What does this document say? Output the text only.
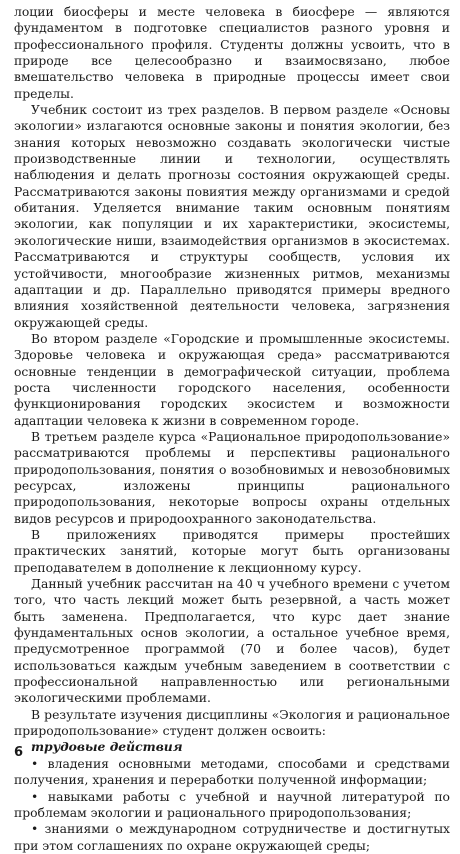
лоции биосферы и месте человека в биосфере — являются фундаментом в подготовке специалистов разного уровня и профессионального профиля. Студенты должны усвоить, что в природе все целесообразно и взаимосвязано, любое вмешательство человека в природные процессы имеет свои пределы.

Учебник состоит из трех разделов. В первом разделе «Основы экологии» излагаются основные законы и понятия экологии, без знания которых невозможно создавать экологически чистые производственные линии и технологии, осуществлять наблюдения и делать прогнозы состояния окружающей среды. Рассматриваются законы повиятия между организмами и средой обитания. Уделяется внимание таким основным понятиям экологии, как популяции и их характеристики, экосистемы, экологические ниши, взаимодействия организмов в экосистемах. Рассматриваются и структуры сообществ, условия их устойчивости, многообразие жизненных ритмов, механизмы адаптации и др. Параллельно приводятся примеры вредного влияния хозяйственной деятельности человека, загрязнения окружающей среды.

Во втором разделе «Городские и промышленные экосистемы. Здоровье человека и окружающая среда» рассматриваются основные тенденции в демографической ситуации, проблема роста численности городского населения, особенности функционирования городских экосистем и возможности адаптации человека к жизни в современном городе.

В третьем разделе курса «Рациональное природопользование» рассматриваются проблемы и перспективы рационального природопользования, понятия о возобновимых и невозобновимых ресурсах, изложены принципы рационального природопользования, некоторые вопросы охраны отдельных видов ресурсов и природоохранного законодательства.

В приложениях приводятся примеры простейших практических занятий, которые могут быть организованы преподавателем в дополнение к лекционному курсу.

Данный учебник рассчитан на 40 ч учебного времени с учетом того, что часть лекций может быть резервной, а часть может быть заменена. Предполагается, что курс дает знание фундаментальных основ экологии, а остальное учебное время, предусмотренное программой (70 и более часов), будет использоваться каждым учебным заведением в соответствии с профессиональной направленностью или региональными экологическими проблемами.

В результате изучения дисциплины «Экология и рациональное природопользование» студент должен освоить:

трудовые действия

• владения основными методами, способами и средствами получения, хранения и переработки полученной информации;

• навыками работы с учебной и научной литературой по проблемам экологии и рационального природопользования;

• знаниями о международном сотрудничестве и достигнутых при этом соглашениях по охране окружающей среды;

6
